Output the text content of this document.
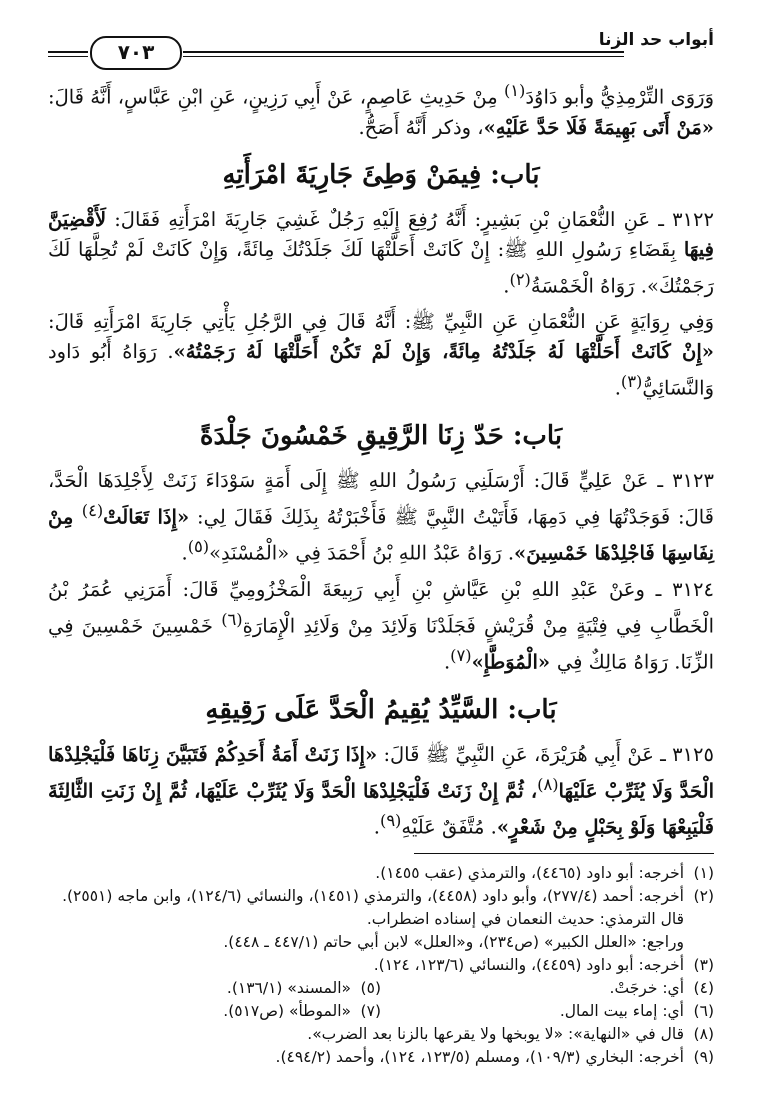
أبواب حد الزنا
٧٠٣

وَرَوَى التِّرْمِذِيُّ وأبو دَاوُدَ$^{(١)}$ مِنْ حَدِيثِ عَاصِمٍ، عَنْ أَبِي رَزِينٍ، عَنِ ابْنِ عَبَّاسٍ، أَنَّهُ قَالَ: «مَنْ أَتَى بَهِيمَةً فَلَا حَدَّ عَلَيْهِ»، وذكر أَنَّهُ أَصَحُّ.

بَاب: فِيمَنْ وَطِئَ جَارِيَةَ امْرَأَتِهِ

٣١٢٢ ـ عَنِ النُّعْمَانِ بْنِ بَشِيرٍ: أَنَّهُ رُفِعَ إِلَيْهِ رَجُلٌ غَشِيَ جَارِيَةَ امْرَأَتِهِ فَقَالَ: لَأَقْضِيَنَّ فِيهَا بِقَضَاءِ رَسُولِ اللهِ ﷺ: إِنْ كَانَتْ أَحَلَّتْهَا لَكَ جَلَدْتُكَ مِائَةً، وَإِنْ كَانَتْ لَمْ تُحِلَّهَا لَكَ رَجَمْتُكَ». رَوَاهُ الْخَمْسَةُ$^{(٢)}$.

وَفِي رِوَايَةٍ عَنِ النُّعْمَانِ عَنِ النَّبِيِّ ﷺ: أَنَّهُ قَالَ فِي الرَّجُلِ يَأْتِي جَارِيَةَ امْرَأَتِهِ قَالَ: «إِنْ كَانَتْ أَحَلَّتْهَا لَهُ جَلَدْتُهُ مِائَةً، وَإِنْ لَمْ تَكُنْ أَحَلَّتْهَا لَهُ رَجَمْتُهُ». رَوَاهُ أَبُو دَاود وَالنَّسَائِيُّ$^{(٣)}$.

بَاب: حَدّ زِنَا الرَّقِيقِ خَمْسُونَ جَلْدَةً

٣١٢٣ ـ عَنْ عَلِيٍّ قَالَ: أَرْسَلَنِي رَسُولُ اللهِ ﷺ إِلَى أَمَةٍ سَوْدَاءَ زَنَتْ لِأَجْلِدَهَا الْحَدَّ، قَالَ: فَوَجَدْتُهَا فِي دَمِهَا، فَأَتَيْتُ النَّبِيَّ ﷺ فَأَخْبَرْتُهُ بِذَلِكَ فَقَالَ لِي: «إِذَا تَعَالَتْ$^{(٤)}$ مِنْ نِفَاسِهَا فَاجْلِدْهَا خَمْسِينَ». رَوَاهُ عَبْدُ اللهِ بْنُ أَحْمَدَ فِي «الْمُسْنَدِ»$^{(٥)}$.

٣١٢٤ ـ وعَنْ عَبْدِ اللهِ بْنِ عَيَّاشِ بْنِ أَبِي رَبِيعَةَ الْمَخْزُومِيِّ قَالَ: أَمَرَنِي عُمَرُ بْنُ الْخَطَّابِ فِي فِتْيَةٍ مِنْ قُرَيْشٍ فَجَلَدْنَا وَلَائِدَ مِنْ وَلَائِدِ الْإِمَارَةِ$^{(٦)}$ خَمْسِينَ خَمْسِينَ فِي الزِّنَا. رَوَاهُ مَالِكٌ فِي «الْمُوَطَّإِ»$^{(٧)}$.

بَاب: السَّيِّدُ يُقِيمُ الْحَدَّ عَلَى رَقِيقِهِ

٣١٢٥ ـ عَنْ أَبِي هُرَيْرَةَ، عَنِ النَّبِيِّ ﷺ قَالَ: «إِذَا زَنَتْ أَمَةُ أَحَدِكُمْ فَتَبَيَّنَ زِنَاهَا فَلْيَجْلِدْهَا الْحَدَّ وَلَا يُثَرِّبْ عَلَيْهَا$^{(٨)}$، ثُمَّ إِنْ زَنَتْ فَلْيَجْلِدْهَا الْحَدَّ وَلَا يُثَرِّبْ عَلَيْهَا، ثُمَّ إِنْ زَنَتِ الثَّالِثَةَ فَلْيَبِعْهَا وَلَوْ بِحَبْلٍ مِنْ شَعْرٍ». مُتَّفَقٌ عَلَيْهِ$^{(٩)}$.

(١)أخرجه: أبو داود (٤٤٦٥)، والترمذي (عقب ١٤٥٥).
(٢)أخرجه: أحمد (٢٧٧/٤)، وأبو داود (٤٤٥٨)، والترمذي (١٤٥١)، والنسائي (١٢٤/٦)، وابن ماجه (٢٥٥١).
قال الترمذي: حديث النعمان في إسناده اضطراب.
وراجع: «العلل الكبير» (ص٢٣٤)، و«العلل» لابن أبي حاتم (٤٤٧/١ ـ ٤٤٨).
(٣)أخرجه: أبو داود (٤٤٥٩)، والنسائي (١٢٣/٦، ١٢٤).
(٤)أي: خرجَتْ.
(٥)«المسند» (١٣٦/١).
(٦)أي: إماء بيت المال.
(٧)«الموطأ» (ص٥١٧).
(٨)قال في «النهاية»: «لا يوبخها ولا يقرعها بالزنا بعد الضرب».
(٩)أخرجه: البخاري (١٠٩/٣)، ومسلم (١٢٣/٥، ١٢٤)، وأحمد (٤٩٤/٢).
